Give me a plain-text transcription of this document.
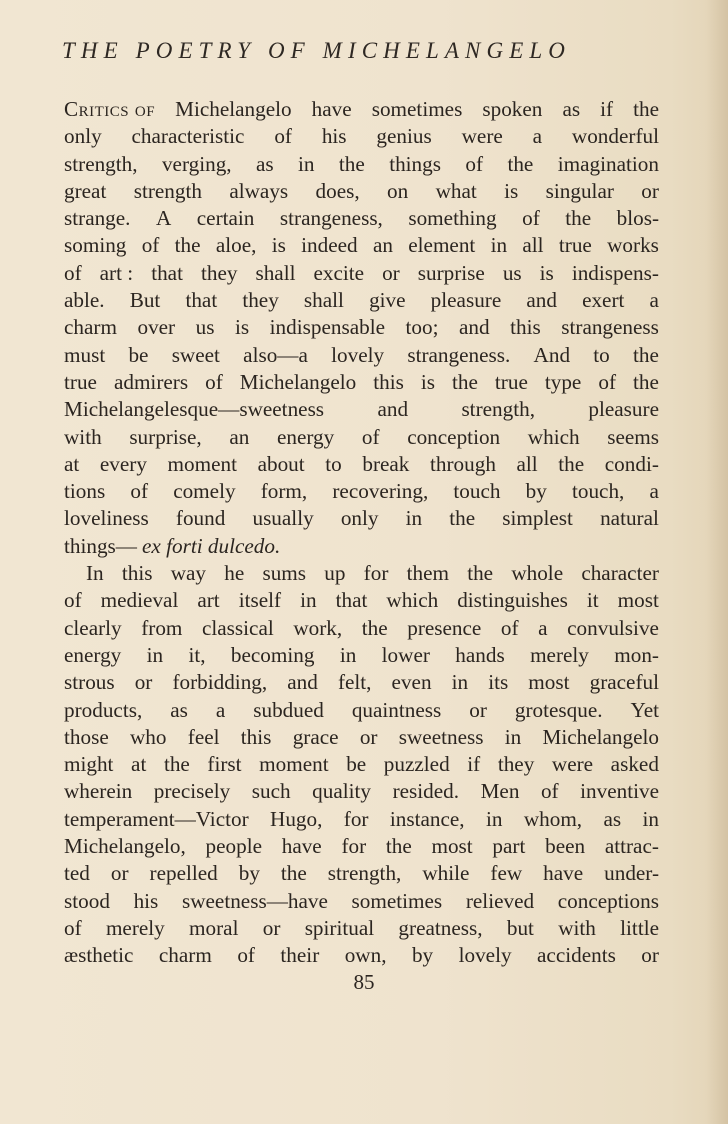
THE POETRY OF MICHELANGELO
Critics of Michelangelo have sometimes spoken as if the
only characteristic of his genius were a wonderful
strength, verging, as in the things of the imagination
great strength always does, on what is singular or
strange. A certain strangeness, something of the blos-
soming of the aloe, is indeed an element in all true works
of art : that they shall excite or surprise us is indispens-
able. But that they shall give pleasure and exert a
charm over us is indispensable too; and this strangeness
must be sweet also—a lovely strangeness. And to the
true admirers of Michelangelo this is the true type of the
Michelangelesque—sweetness	and	strength,	pleasure
with surprise, an energy of conception which seems
at every moment about to break through all the condi-
tions of comely form, recovering, touch by touch, a
loveliness found usually only in the simplest natural
things— ex forti dulcedo.
In this way he sums up for them the whole character
of medieval art itself in that which distinguishes it most
clearly from classical work, the presence of a convulsive
energy in it, becoming in lower hands merely mon-
strous or forbidding, and felt, even in its most graceful
products, as a subdued quaintness or grotesque. Yet
those who feel this grace or sweetness in Michelangelo
might at the first moment be puzzled if they were asked
wherein precisely such quality resided. Men of inventive
temperament—Victor Hugo, for instance, in whom, as in
Michelangelo, people have for the most part been attrac-
ted or repelled by the strength, while few have under-
stood his sweetness—have sometimes relieved conceptions
of merely moral or spiritual greatness, but with little
æsthetic charm of their own, by lovely accidents or
85
